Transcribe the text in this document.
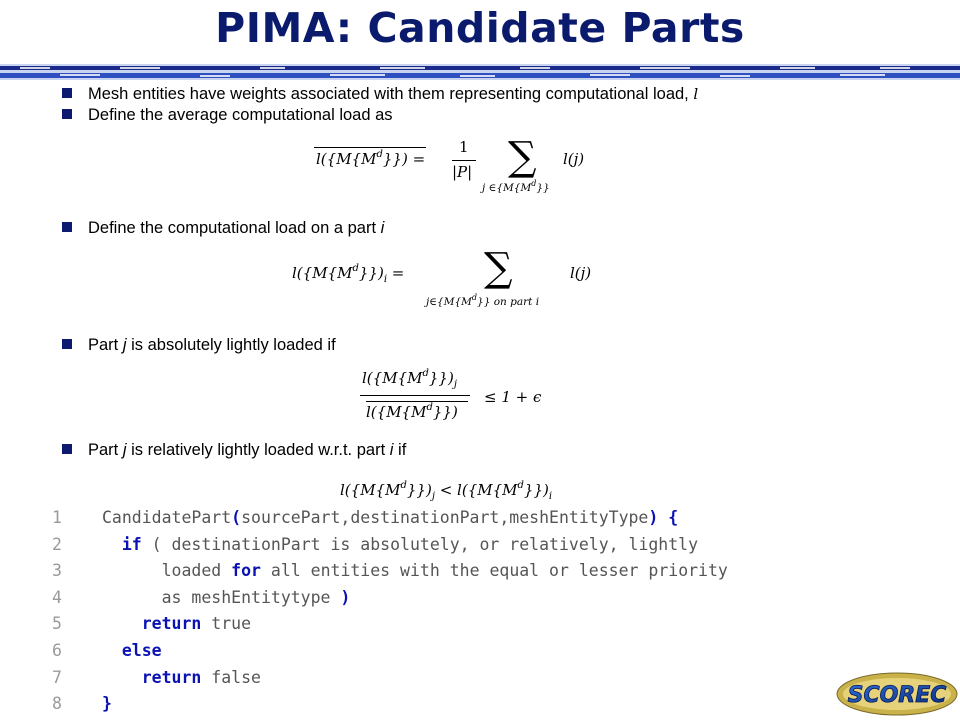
PIMA: Candidate Parts
Mesh entities have weights associated with them representing computational load, l
Define the average computational load as
$l(\{M\{M^d\}\})$ =
1
|P| ∑
j $\in\{M\{M^d\}\}$
l(j)
Define the computational load on a part i
$l(\{M\{M^d\}\})_i$ = ∑
$j\in\{M\{M^d\}\}$ on part i
l(j)
Part j is absolutely lightly loaded if
$l(\{M\{M^d\}\})_j$
$l(\{M\{M^d\}\})$
≤ 1 + ϵ
Part j is relatively lightly loaded w.r.t. part i if
$l(\{M\{M^d\}\})_j < l(\{M\{M^d\}\})_i$
1 CandidatePart(sourcePart,destinationPart,meshEntityType) {
2	if ( destinationPart is absolutely, or relatively, lightly
3	loaded for all entities with the equal or lesser priority
4	as meshEntitytype )
5	return true
6	else
7	return false
8 }	SCOREC
